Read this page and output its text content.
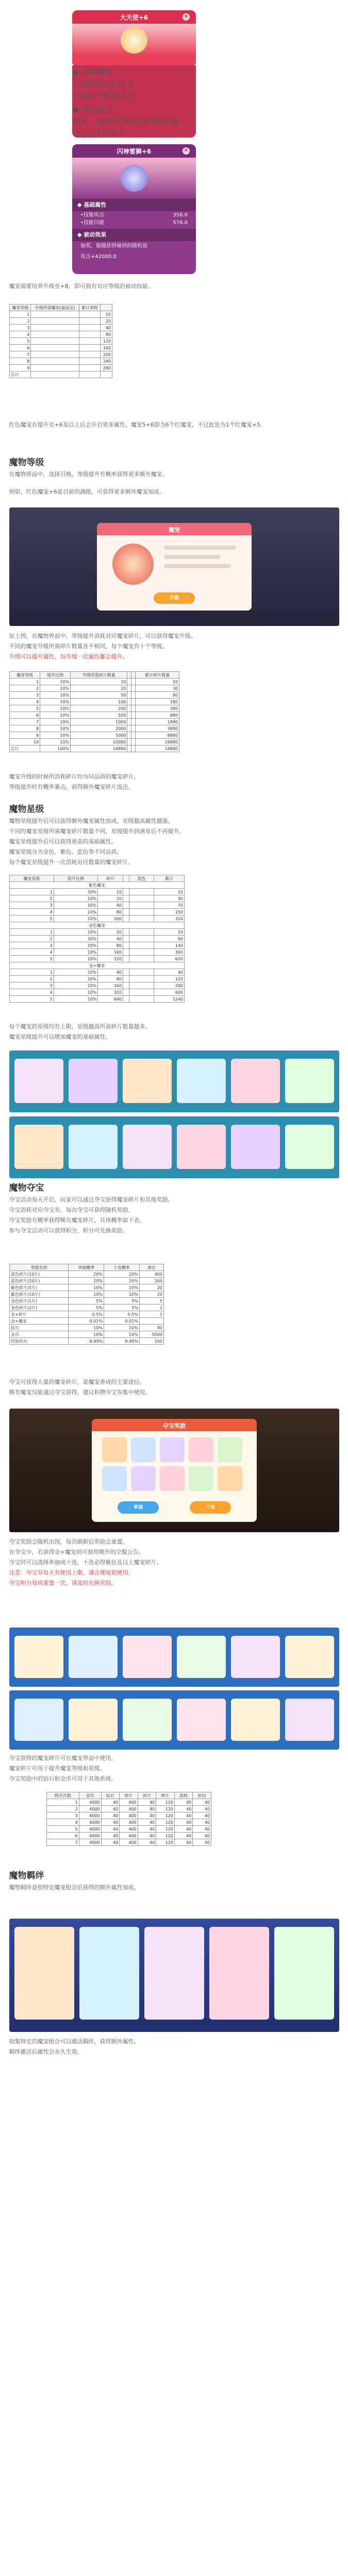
大天使+6	✕
◆ 基础属性
•技能攻击432.0
•技能闪避432.0
◆ 被动效果
抽奖，能随获得碰到的随机值
攻击+4320.0
闪神雷狮+6	✕
◆ 基础属性
•技能攻击	356.0
•技能闪避	576.0
◆ 被动效果
抽奖，能随获得碰到的随机值
攻击+42000.0

魔宠需要培养升级至+8，即可拥有对应等级的被动技能。

魔宠等级	升级所需魔宠(最高至)	累计消耗	
1			10
2			20
3			40
4			80
5			120
6			160
7			200
8			240
9			280
总计			

红色魔宠在提升至+6及以上后会开启更多属性，魔宠5+6即为6个红魔宠，不过此处为1个红魔宠+5。

魔物等级

在魔物界面中，选择召唤，等级提升有概率获得更多额外魔宠。

例如，红色魔宠+6是目前的满级，可获得更多额外魔宠加成。

魔宠
升级

如上图，在魔物界面中，等级提升消耗对应魔宠碎片，可以获得魔宠升级。

不同的魔宠升级所需碎片数量各不相同，每个魔宠有十个等级。

升级可以提升属性，每升级一次属性都会提升。

魔宠等级	提升比例	升级所需碎片数量			累计碎片数量
1	10%	10			10
2	10%	20			30
3	10%	50			80
4	10%	100			180
5	10%	200			380
6	10%	500			880
7	10%	1000			1880
8	10%	2000			3880
9	10%	5000			8880
10	10%	10000			18880
总计	100%	18880			18880

魔宠升级的时候所消耗碎片均为同品质的魔宠碎片。

等级提升时有概率暴击，获得额外魔宠碎片返还。

魔物星级

魔物星级提升后可以获得额外魔宠属性加成，星级越高属性越强。

不同的魔宠星级所需魔宠碎片数量不同，星级提升到满星后不再提升。

魔宠星级提升后可以获得更高的基础属性。

魔宠星级分为金色、紫色、蓝色等不同品质。

每个魔宠星级提升一次消耗对应数量的魔宠碎片。

魔宠星级	提升比例	碎片		蓝色	累计
紫色魔宠					
1	10%	10			10
2	10%	20			30
3	10%	40			70
4	10%	80			150
5	10%	160			310
金色魔宠					
1	10%	20			20
2	10%	40			60
3	10%	80			140
4	10%	160			300
5	10%	320			620
金+魔宠					
1	10%	40			40
2	10%	80			120
3	10%	160			280
4	10%	320			600
5	10%	640			1240

每个魔宠的星级均有上限，星级越高所需碎片数量越多。

魔宠星级提升可以增加魔宠的基础属性。

魔物夺宝

夺宝活动每天开启，玩家可以通过夺宝获得魔宠碎片和其他奖励。

夺宝消耗对应夺宝券，每次夺宝可获得随机奖励。

夺宝奖励有概率获得稀有魔宠碎片，具体概率如下表。

参与夺宝活动可以获得积分，积分可兑换奖励。

奖励名称	单抽概率	十连概率	备注
蓝色碎片(10片)	20%	20%	400
蓝色碎片(20片)	20%	20%	200
紫色碎片(5片)	10%	10%	20
紫色碎片(10片)	10%	10%	20
金色碎片(1片)	5%	5%	5
金色碎片(2片)	5%	5%	2
金+碎片	0.5%	0.5%	1
金+魔宠	0.01%	0.01%	
钻石	10%	10%	80
金币	10%	10%	5000
经验药水	9.49%	9.49%	100

夺宝可获得大量的魔宠碎片，是魔宠养成的主要途径。

稀有魔宠仅能通过夺宝获得，建议积攒夺宝券集中使用。

夺宝奖励
单抽	十连

夺宝奖励会随机出现，每次刷新后奖励会重置。

在夺宝中，若获得金+魔宠则可获得额外的全服公告。

夺宝时可以选择单抽或十连，十连必得紫色及以上魔宠碎片。

注意：夺宝券每天有使用上限，请合理规划使用。

夺宝积分每周重置一次，请及时兑换奖励。

夺宝获得的魔宠碎片可在魔宠界面中使用。

魔宠碎片可用于提升魔宠等级和星级。

夺宝奖励中的钻石和金币可用于其他系统。

购买次数	金币	钻石	碎片	碎片	碎片	消耗	折扣
1	4000	40	400	40	120	40	40
2	4000	40	400	40	120	40	40
3	4000	40	400	40	120	40	40
4	4000	40	400	40	120	40	40
5	4000	40	400	40	120	40	40
6	4000	40	400	40	120	40	40
7	4000	40	400	40	120	40	40
魔物羁绊

魔物羁绊是指特定魔宠组合后获得的额外属性加成。

收集特定的魔宠组合可以激活羁绊，获得额外属性。

羁绊激活后属性会永久生效。
